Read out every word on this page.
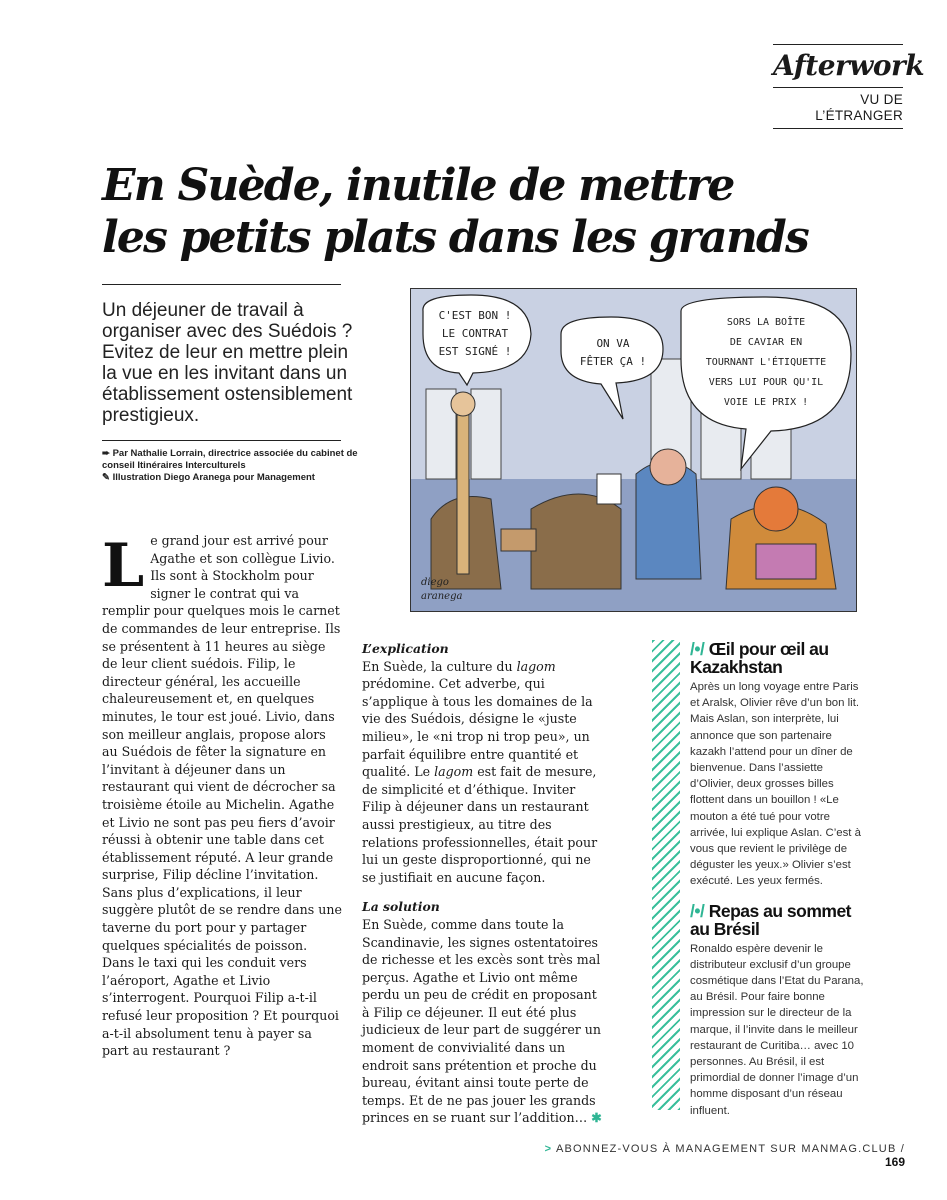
Afterwork
VU DE
L’ÉTRANGER
En Suède, inutile de mettre
les petits plats dans les grands
Un déjeuner de travail à organiser avec des Suédois ? Evitez de leur en mettre plein la vue en les invitant dans un établissement ostensiblement prestigieux.
➨ Par Nathalie Lorrain, directrice associée du cabinet de conseil Itinéraires Interculturels
✎ Illustration Diego Aranega pour Management
C'EST BON !
LE CONTRAT
EST SIGNÉ !
ON VA
FÊTER ÇA !
SORS LA BOÎTE
DE CAVIAR EN
TOURNANT L'ÉTIQUETTE
VERS LUI POUR QU'IL
VOIE LE PRIX !
diego
aranega
L e grand jour est arrivé pour Agathe et son collègue Livio. Ils sont à Stockholm pour signer le contrat qui va remplir pour quelques mois le carnet de commandes de leur entreprise. Ils se présentent à 11 heures au siège de leur client suédois. Filip, le directeur général, les accueille chaleureusement et, en quelques minutes, le tour est joué. Livio, dans son meilleur anglais, propose alors au Suédois de fêter la signature en l’invitant à déjeuner dans un restaurant qui vient de décrocher sa troisième étoile au Michelin. Agathe et Livio ne sont pas peu fiers d’avoir réussi à obtenir une table dans cet établissement réputé. A leur grande surprise, Filip décline l’invitation. Sans plus d’explications, il leur suggère plutôt de se rendre dans une taverne du port pour y partager quelques spécialités de poisson. Dans le taxi qui les conduit vers l’aéroport, Agathe et Livio s’interrogent. Pourquoi Filip a-t-il refusé leur proposition ? Et pourquoi a-t-il absolument tenu à payer sa part au restaurant ?
L’explication

En Suède, la culture du lagom prédomine. Cet adverbe, qui s’applique à tous les domaines de la vie des Suédois, désigne le «juste milieu», le «ni trop ni trop peu», un parfait équilibre entre quantité et qualité. Le lagom est fait de mesure, de simplicité et d’éthique. Inviter Filip à déjeuner dans un restaurant aussi prestigieux, au titre des relations professionnelles, était pour lui un geste disproportionné, qui ne se justifiait en aucune façon.

La solution

En Suède, comme dans toute la Scandinavie, les signes ostentatoires de richesse et les excès sont très mal perçus. Agathe et Livio ont même perdu un peu de crédit en proposant à Filip ce déjeuner. Il eut été plus judicieux de leur part de suggérer un moment de convivialité dans un endroit sans prétention et proche du bureau, évitant ainsi toute perte de temps. Et de ne pas jouer les grands princes en se ruant sur l’addition… ✱

/•/ Œil pour œil au Kazakhstan
Après un long voyage entre Paris et Aralsk, Olivier rêve d’un bon lit. Mais Aslan, son interprète, lui annonce que son partenaire kazakh l’attend pour un dîner de bienvenue. Dans l’assiette d’Olivier, deux grosses billes flottent dans un bouillon ! «Le mouton a été tué pour votre arrivée, lui explique Aslan. C’est à vous que revient le privilège de déguster les yeux.» Olivier s’est exécuté. Les yeux fermés.
/•/ Repas au sommet au Brésil
Ronaldo espère devenir le distributeur exclusif d’un groupe cosmétique dans l’Etat du Parana, au Brésil. Pour faire bonne impression sur le directeur de la marque, il l’invite dans le meilleur restaurant de Curitiba… avec 10 personnes. Au Brésil, il est primordial de donner l’image d’un homme disposant d’un réseau influent.
> ABONNEZ-VOUS À MANAGEMENT SUR MANMAG.CLUB / 169
